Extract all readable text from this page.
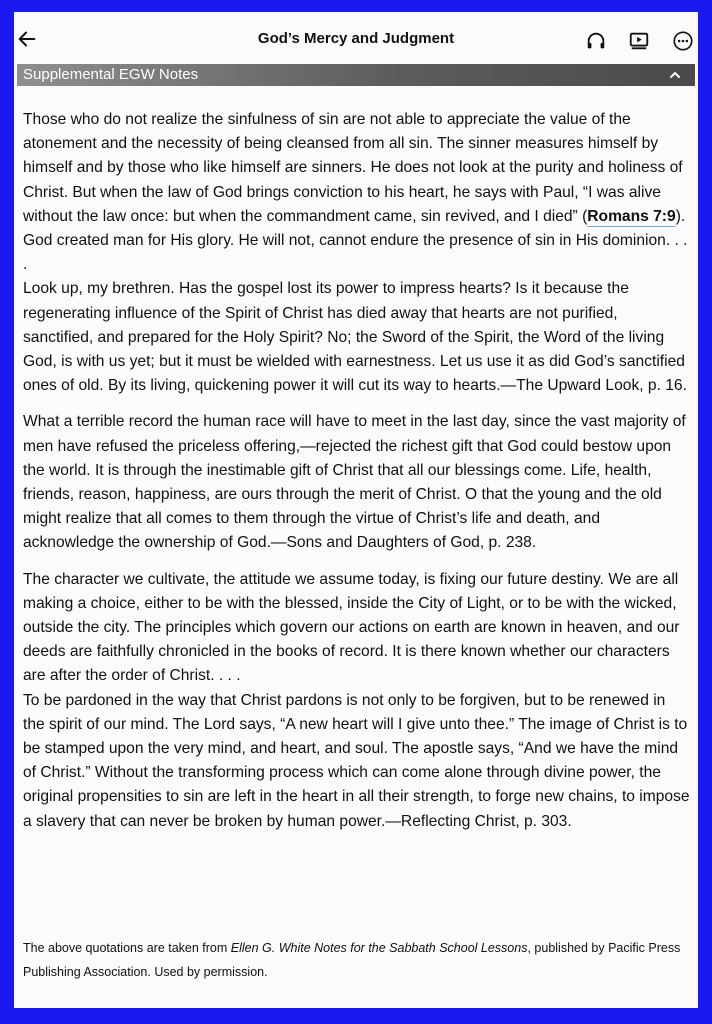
God’s Mercy and Judgment
Supplemental EGW Notes

Those who do not realize the sinfulness of sin are not able to appreciate the value of the atonement and the necessity of being cleansed from all sin. The sinner measures himself by himself and by those who like himself are sinners. He does not look at the purity and holiness of Christ. But when the law of God brings conviction to his heart, he says with Paul, “I was alive without the law once: but when the commandment came, sin revived, and I died” (Romans 7:9).

God created man for His glory. He will not, cannot endure the presence of sin in His dominion. . . .

Look up, my brethren. Has the gospel lost its power to impress hearts? Is it because the regenerating influence of the Spirit of Christ has died away that hearts are not purified, sanctified, and prepared for the Holy Spirit? No; the Sword of the Spirit, the Word of the living God, is with us yet; but it must be wielded with earnestness. Let us use it as did God’s sanctified ones of old. By its living, quickening power it will cut its way to hearts.—The Upward Look, p. 16.

What a terrible record the human race will have to meet in the last day, since the vast majority of men have refused the priceless offering,—rejected the richest gift that God could bestow upon the world. It is through the inestimable gift of Christ that all our blessings come. Life, health, friends, reason, happiness, are ours through the merit of Christ. O that the young and the old might realize that all comes to them through the virtue of Christ’s life and death, and acknowledge the ownership of God.—Sons and Daughters of God, p. 238.

The character we cultivate, the attitude we assume today, is fixing our future destiny. We are all making a choice, either to be with the blessed, inside the City of Light, or to be with the wicked, outside the city. The principles which govern our actions on earth are known in heaven, and our deeds are faithfully chronicled in the books of record. It is there known whether our characters are after the order of Christ. . . .

To be pardoned in the way that Christ pardons is not only to be forgiven, but to be renewed in the spirit of our mind. The Lord says, “A new heart will I give unto thee.” The image of Christ is to be stamped upon the very mind, and heart, and soul. The apostle says, “And we have the mind of Christ.” Without the transforming process which can come alone through divine power, the original propensities to sin are left in the heart in all their strength, to forge new chains, to impose a slavery that can never be broken by human power.—Reflecting Christ, p. 303.

The above quotations are taken from Ellen G. White Notes for the Sabbath School Lessons, published by Pacific Press Publishing Association. Used by permission.
